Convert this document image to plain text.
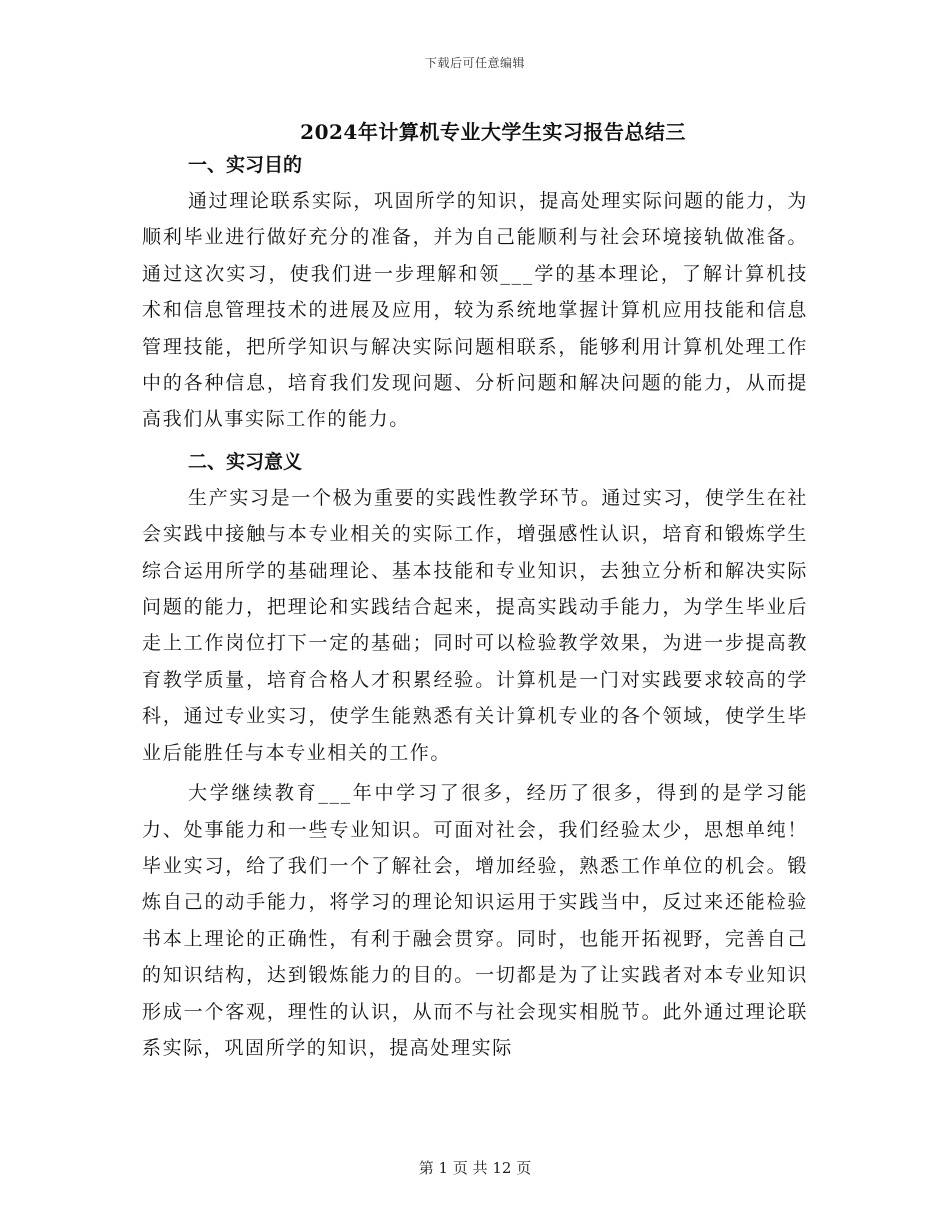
下载后可任意编辑
2024年计算机专业大学生实习报告总结三
一、实习目的

通过理论联系实际，巩固所学的知识，提高处理实际问题的能力，为顺利毕业进行做好充分的准备，并为自己能顺利与社会环境接轨做准备。通过这次实习，使我们进一步理解和领___学的基本理论，了解计算机技术和信息管理技术的进展及应用，较为系统地掌握计算机应用技能和信息管理技能，把所学知识与解决实际问题相联系，能够利用计算机处理工作中的各种信息，培育我们发现问题、分析问题和解决问题的能力，从而提高我们从事实际工作的能力。

二、实习意义

生产实习是一个极为重要的实践性教学环节。通过实习，使学生在社会实践中接触与本专业相关的实际工作，增强感性认识，培育和锻炼学生综合运用所学的基础理论、基本技能和专业知识，去独立分析和解决实际问题的能力，把理论和实践结合起来，提高实践动手能力，为学生毕业后走上工作岗位打下一定的基础；同时可以检验教学效果，为进一步提高教育教学质量，培育合格人才积累经验。计算机是一门对实践要求较高的学科，通过专业实习，使学生能熟悉有关计算机专业的各个领域，使学生毕业后能胜任与本专业相关的工作。

大学继续教育___年中学习了很多，经历了很多，得到的是学习能力、处事能力和一些专业知识。可面对社会，我们经验太少，思想单纯！毕业实习，给了我们一个了解社会，增加经验，熟悉工作单位的机会。锻炼自己的动手能力，将学习的理论知识运用于实践当中，反过来还能检验书本上理论的正确性，有利于融会贯穿。同时，也能开拓视野，完善自己的知识结构，达到锻炼能力的目的。一切都是为了让实践者对本专业知识形成一个客观，理性的认识，从而不与社会现实相脱节。此外通过理论联系实际，巩固所学的知识，提高处理实际

第 1 页 共 12 页
